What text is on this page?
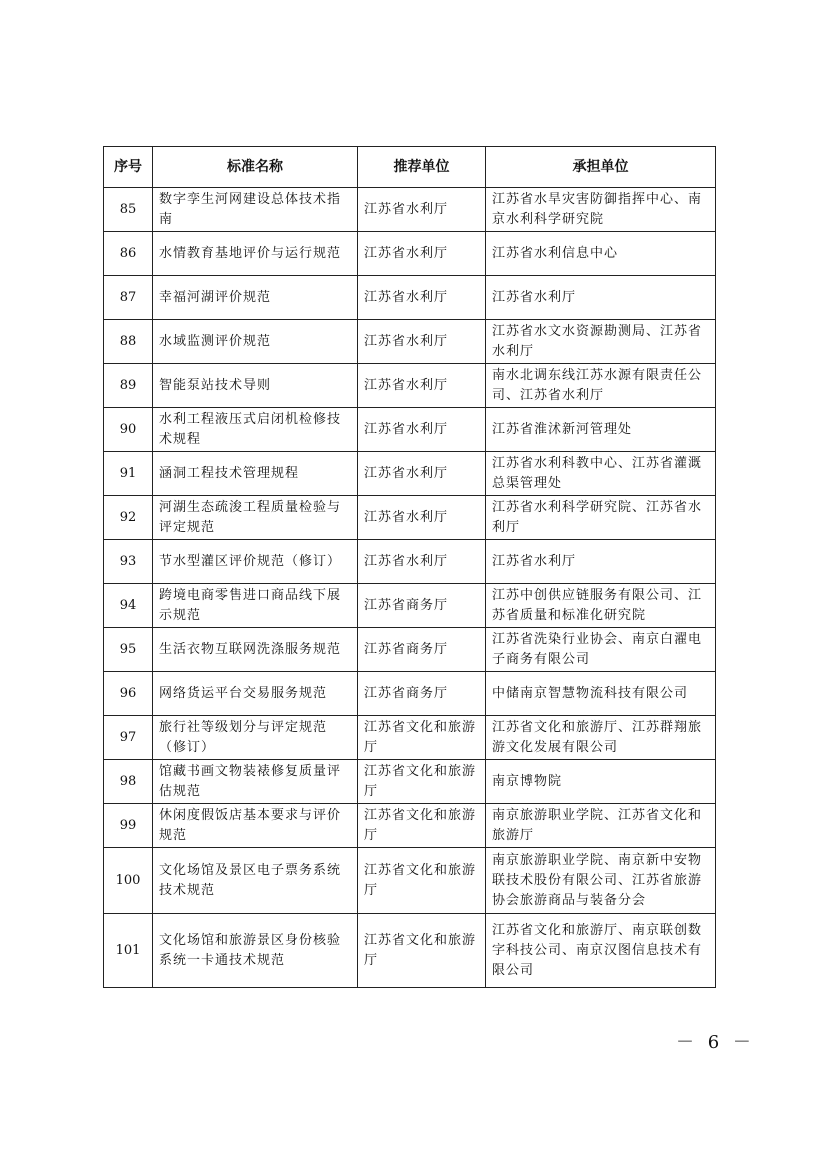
序号	标准名称	推荐单位	承担单位
85	数字孪生河网建设总体技术指南	江苏省水利厅	江苏省水旱灾害防御指挥中心、南京水利科学研究院
86	水情教育基地评价与运行规范	江苏省水利厅	江苏省水利信息中心
87	幸福河湖评价规范	江苏省水利厅	江苏省水利厅
88	水域监测评价规范	江苏省水利厅	江苏省水文水资源勘测局、江苏省水利厅
89	智能泵站技术导则	江苏省水利厅	南水北调东线江苏水源有限责任公司、江苏省水利厅
90	水利工程液压式启闭机检修技术规程	江苏省水利厅	江苏省淮沭新河管理处
91	涵洞工程技术管理规程	江苏省水利厅	江苏省水利科教中心、江苏省灌溉总渠管理处
92	河湖生态疏浚工程质量检验与评定规范	江苏省水利厅	江苏省水利科学研究院、江苏省水利厅
93	节水型灌区评价规范（修订）	江苏省水利厅	江苏省水利厅
94	跨境电商零售进口商品线下展示规范	江苏省商务厅	江苏中创供应链服务有限公司、江苏省质量和标准化研究院
95	生活衣物互联网洗涤服务规范	江苏省商务厅	江苏省洗染行业协会、南京白濯电子商务有限公司
96	网络货运平台交易服务规范	江苏省商务厅	中储南京智慧物流科技有限公司
97	旅行社等级划分与评定规范（修订）	江苏省文化和旅游厅	江苏省文化和旅游厅、江苏群翔旅游文化发展有限公司
98	馆藏书画文物装裱修复质量评估规范	江苏省文化和旅游厅	南京博物院
99	休闲度假饭店基本要求与评价规范	江苏省文化和旅游厅	南京旅游职业学院、江苏省文化和旅游厅
100	文化场馆及景区电子票务系统技术规范	江苏省文化和旅游厅	南京旅游职业学院、南京新中安物联技术股份有限公司、江苏省旅游协会旅游商品与装备分会
101	文化场馆和旅游景区身份核验系统一卡通技术规范	江苏省文化和旅游厅	江苏省文化和旅游厅、南京联创数字科技公司、南京汉图信息技术有限公司
－ 6 －
